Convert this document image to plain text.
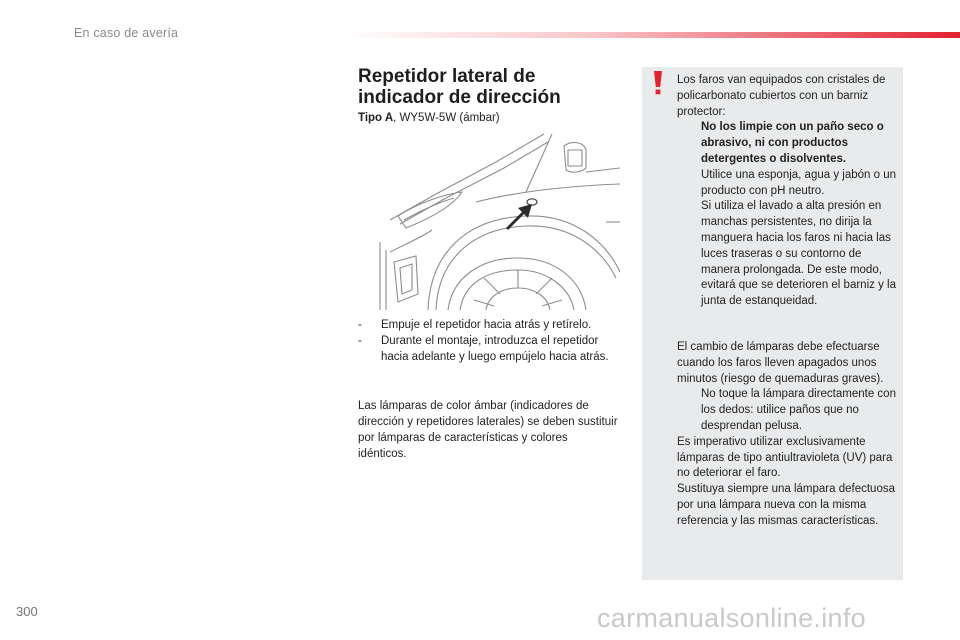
En caso de avería
Repetidor lateral de indicador de dirección
Tipo A, WY5W-5W (ámbar)
- Empuje el repetidor hacia atrás y retírelo.
- Durante el montaje, introduzca el repetidor hacia adelante y luego empújelo hacia atrás.

Las lámparas de color ámbar (indicadores de dirección y repetidores laterales) se deben sustituir por lámparas de características y colores idénticos.

Los faros van equipados con cristales de policarbonato cubiertos con un barniz protector:

No los limpie con un paño seco o abrasivo, ni con productos detergentes o disolventes.

Utilice una esponja, agua y jabón o un producto con pH neutro.

Si utiliza el lavado a alta presión en manchas persistentes, no dirija la manguera hacia los faros ni hacia las luces traseras o su contorno de manera prolongada. De este modo, evitará que se deterioren el barniz y la junta de estanqueidad.

El cambio de lámparas debe efectuarse cuando los faros lleven apagados unos minutos (riesgo de quemaduras graves).

No toque la lámpara directamente con los dedos: utilice paños que no desprendan pelusa.

Es imperativo utilizar exclusivamente lámparas de tipo antiultravioleta (UV) para no deteriorar el faro.

Sustituya siempre una lámpara defectuosa por una lámpara nueva con la misma referencia y las mismas características.

300	carmanualsonline.info
